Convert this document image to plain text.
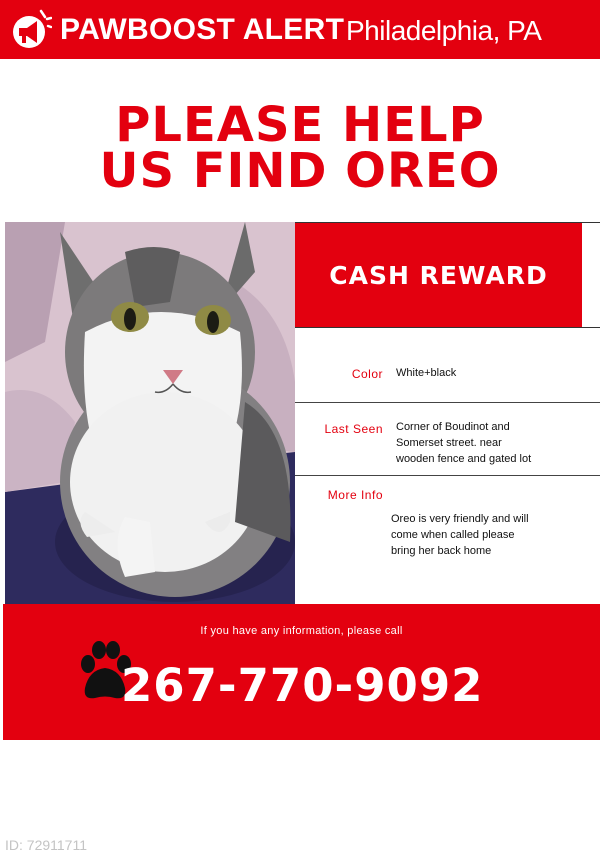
PAWBOOST ALERT Philadelphia, PA
PLEASE HELP
US FIND OREO
CASH REWARD
Color White+black
Last Seen Corner of Boudinot and
Somerset street. near
wooden fence and gated lot
More Info
Oreo is very friendly and will
come when called please
bring her back home
If you have any information, please call
267-770-9092
ID: 72911711
